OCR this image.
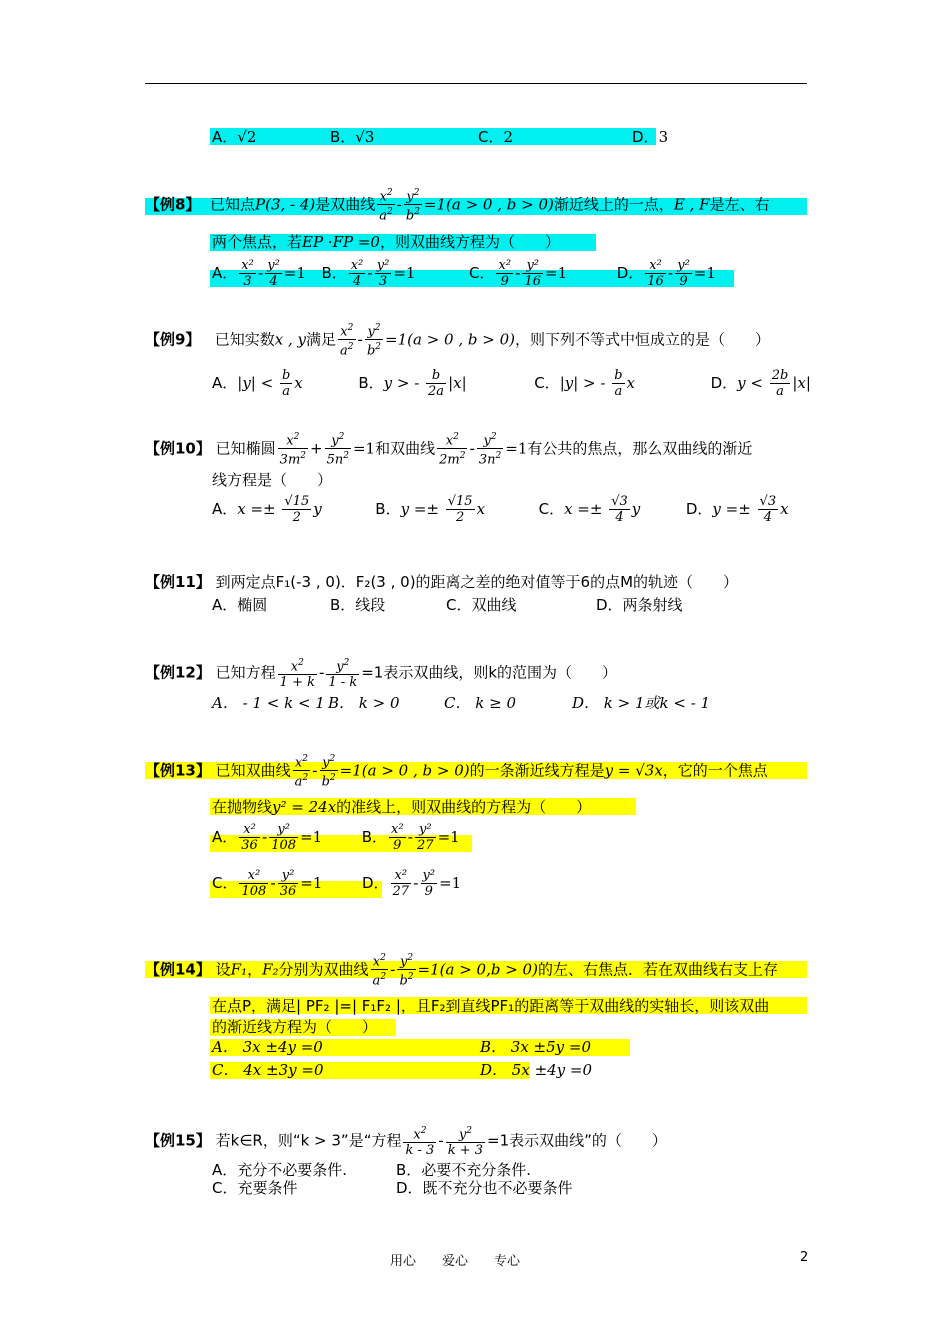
A．√2	B．√3	C．2	D．3
【例8】 已知点P(3, - 4)是双曲线 $\frac{x^2}{a^2} - \frac{y^2}{b^2} =1(a > 0$ , b > 0)渐近线上的一点，E , F是左、右
两个焦点，若EP ·FP =0，则双曲线方程为（　　）
A． $\frac{\text{x²}}{3} - \frac{\text{y²}}{4} =1$ B． $\frac{\text{x²}}{4} - \frac{\text{y²}}{3} =1$	C． $\frac{\text{x²}}{9} - \frac{\text{y²}}{16} =1$	D． $\frac{\text{x²}}{16} - \frac{\text{y²}}{9} =1$
【例9】 已知实数x , y满足 $\frac{x^2}{a^2} - \frac{y^2}{b^2} =1(a > 0$ , b > 0)，则下列不等式中恒成立的是（　　）
A．$|y| < \frac{b}{a}$ x	B．y > - $\frac{b}{2a} |x|$	C．|y| > - $\frac{b}{a}$ x	D．$y < \frac{2b}{a} |x|$
【例10】 已知椭圆 $\frac{x^2}{3m^2} + \frac{y^2}{5n^2} =1$和双曲线 $\frac{x^2}{2m^2} - \frac{y^2}{3n^2} =1$有公共的焦点，那么双曲线的渐近
线方程是（　　）
A．$x =\pm \frac{√15}{2}$ y	B．$y =\pm \frac{√15}{2}$ x	C．$x =\pm \frac{√3}{4}$ y	D．$y =\pm \frac{√3}{4}$ x
【例11】 到两定点F₁(-3 , 0)．F₂(3 , 0)的距离之差的绝对值等于6的点M的轨迹（　　）
A．椭圆	B．线段	C．双曲线	D．两条射线
【例12】 已知方程 $\frac{x^2}{1 + k} - \frac{y^2}{1 - k} =1$表示双曲线，则k的范围为（　　）
A． - 1 < k < 1 B． k > 0	C． k ≥ 0	D． k > 1或k < - 1
【例13】 已知双曲线 $\frac{x^2}{a^2} - \frac{y^2}{b^2} =1(a > 0$ , b > 0)的一条渐近线方程是y = √3x，它的一个焦点
在抛物线y² = 24x的准线上，则双曲线的方程为（　　）
A． $\frac{\text{x²}}{36} - \frac{\text{y²}}{108} =1$	B． $\frac{\text{x²}}{9} - \frac{\text{y²}}{27} =1$
C． $\frac{\text{x²}}{108} - \frac{\text{y²}}{36} =1$	D． $\frac{\text{x²}}{27} - \frac{\text{y²}}{9} =1$
【例14】 设F₁，F₂分别为双曲线 $\frac{x^2}{a^2} - \frac{y^2}{b^2} =1(a > 0,b > 0)$的左、右焦点．若在双曲线右支上存
在点P，满足| PF₂ |=| F₁F₂ |，且F₂到直线PF₁的距离等于双曲线的实轴长，则该双曲
的渐近线方程为（　　）
A． 3x ±4y =0	B． 3x ±5y =0
C． 4x ±3y =0	D． 5x ±4y =0
【例15】 若k∈R，则“k > 3”是“方程 $\frac{x^2}{k - 3} - \frac{y^2}{k + 3} =1$表示双曲线”的（　　）
A．充分不必要条件.	B．必要不充分条件.
C．充要条件	D．既不充分也不必要条件
用心　　爱心　　专心	2
